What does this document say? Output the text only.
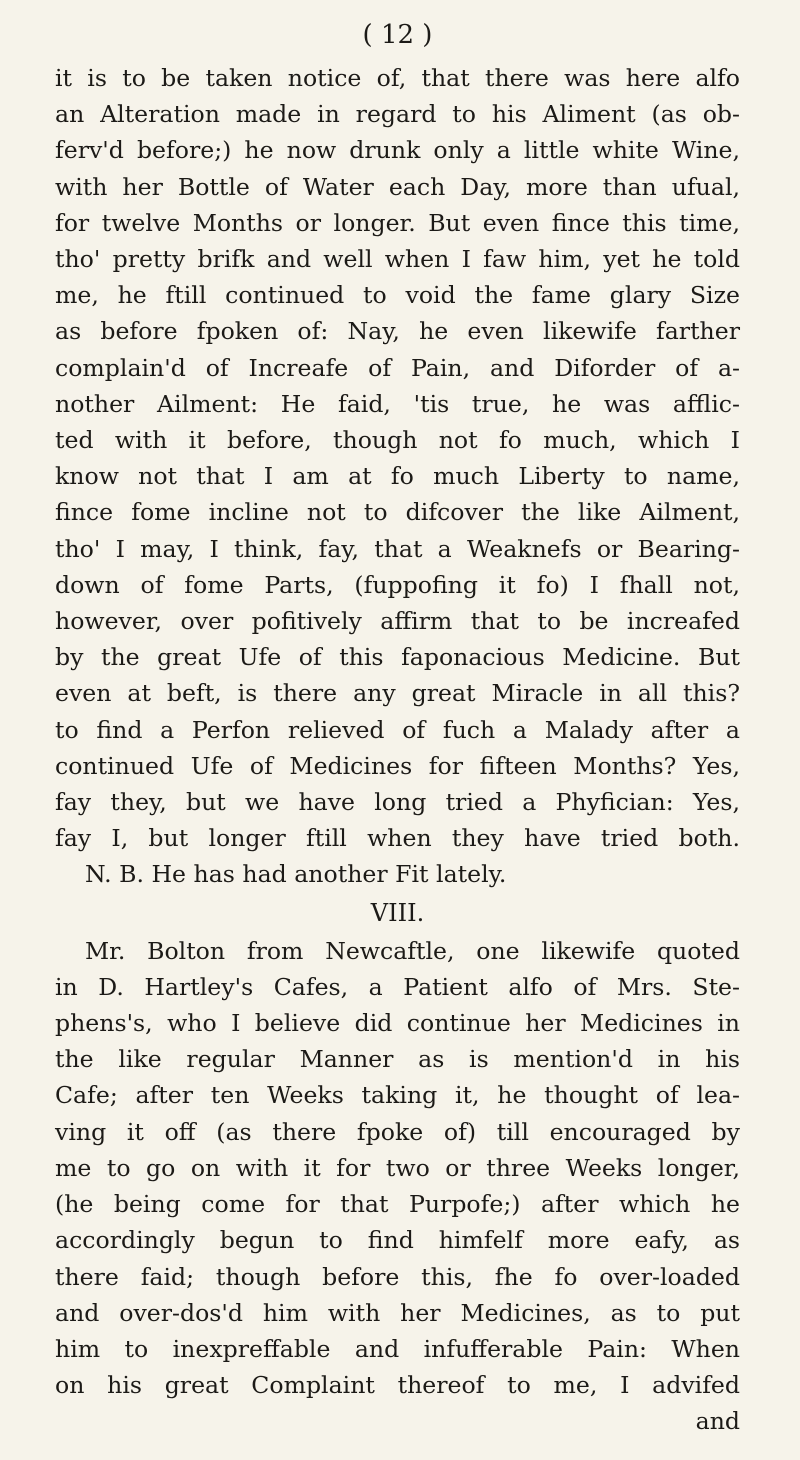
( 12 )
it is to be taken notice of, that there was here alfo
an Alteration made in regard to his Aliment (as ob-
ferv'd before;) he now drunk only a little white Wine,
with her Bottle of Water each Day, more than ufual,
for twelve Months or longer. But even fince this time,
tho' pretty brifk and well when I faw him, yet he told
me, he ftill continued to void the fame glary Size
as before fpoken of: Nay, he even likewife farther
complain'd of Increafe of Pain, and Diforder of a-
nother Ailment: He faid, 'tis true, he was afflic-
ted with it before, though not fo much, which I
know not that I am at fo much Liberty to name,
fince fome incline not to difcover the like Ailment,
tho' I may, I think, fay, that a Weaknefs or Bearing-
down of fome Parts, (fuppofing it fo) I fhall not,
however, over pofitively affirm that to be increafed
by the great Ufe of this faponacious Medicine. But
even at beft, is there any great Miracle in all this?
to find a Perfon relieved of fuch a Malady after a
continued Ufe of Medicines for fifteen Months? Yes,
fay they, but we have long tried a Phyfician: Yes,
fay I, but longer ftill when they have tried both.
N. B. He has had another Fit lately.
VIII.
Mr. Bolton from Newcaftle, one likewife quoted
in D. Hartley's Cafes, a Patient alfo of Mrs. Ste-
phens's, who I believe did continue her Medicines in
the like regular Manner as is mention'd in his
Cafe; after ten Weeks taking it, he thought of lea-
ving it off (as there fpoke of) till encouraged by
me to go on with it for two or three Weeks longer,
(he being come for that Purpofe;) after which he
accordingly begun to find himfelf more eafy, as
there faid; though before this, fhe fo over-loaded
and over-dos'd him with her Medicines, as to put
him to inexpreffable and infufferable Pain: When
on his great Complaint thereof to me, I advifed
and
